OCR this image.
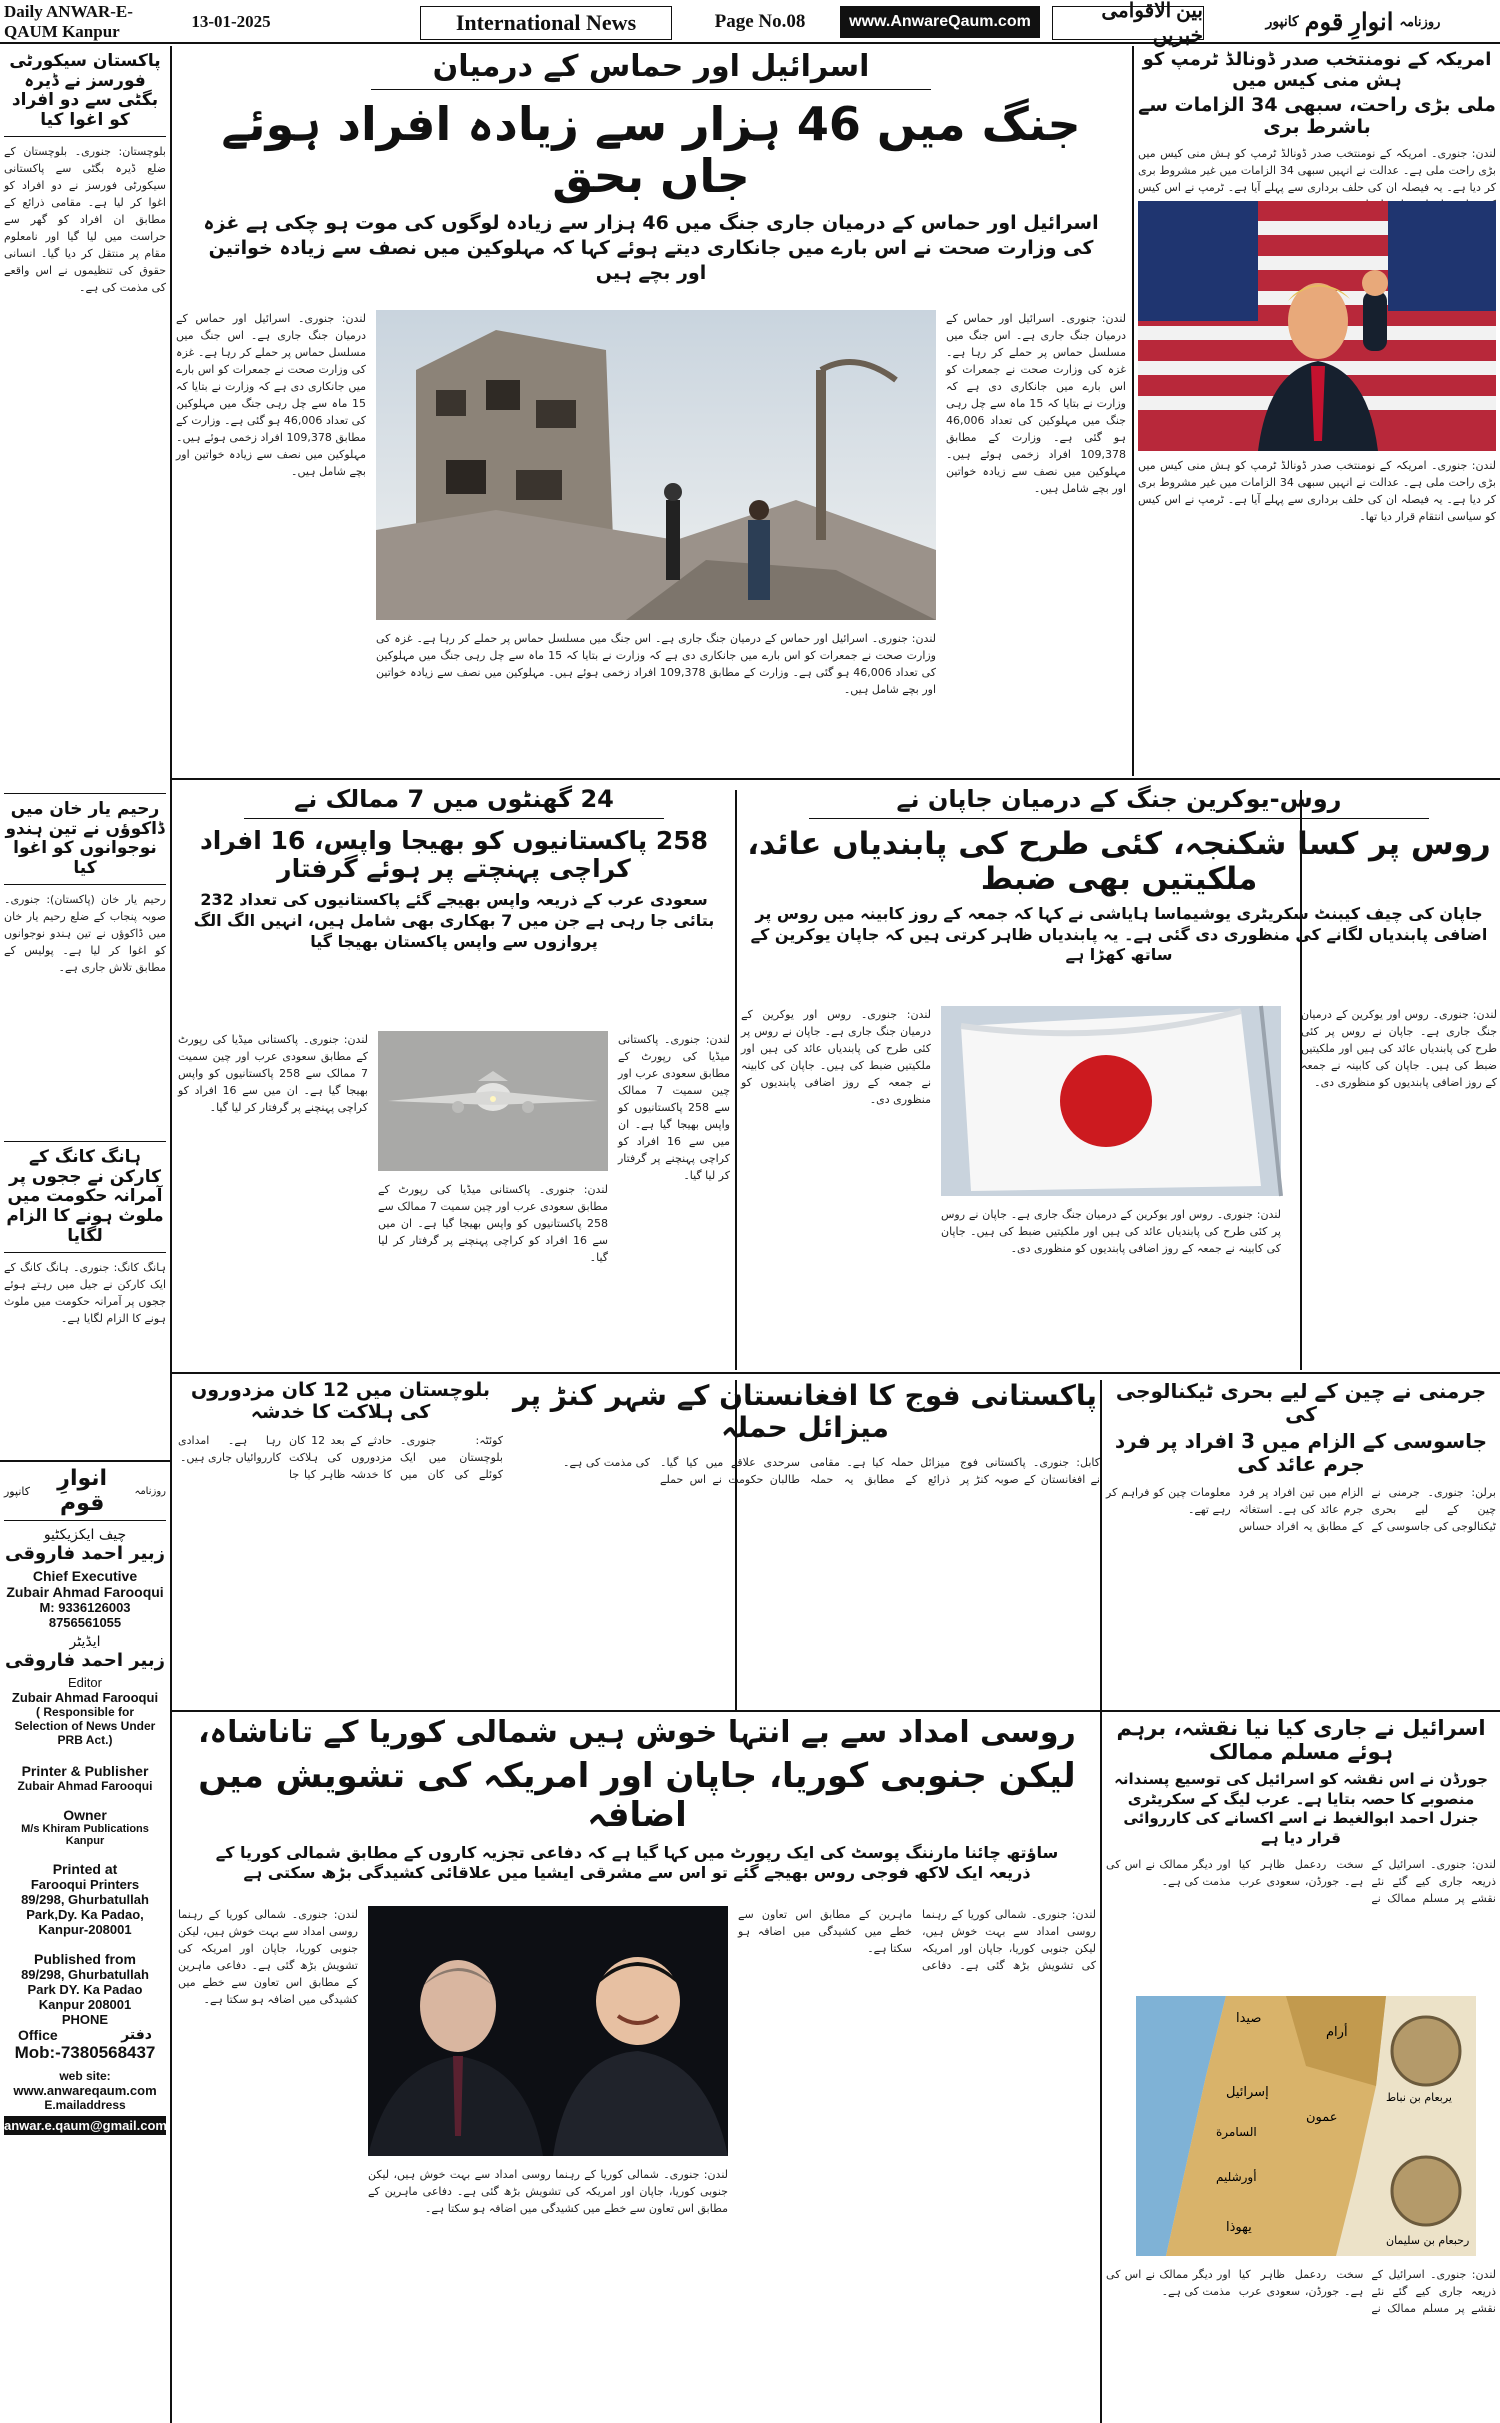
Daily ANWAR-E-QAUM Kanpur
13-01-2025	International News	Page No.08	www.AnwareQaum.com	بین الاقوامی خبریں
روزنامہ
انوارِ قوم
کانپور
پاکستان سیکورٹی فورسز نے ڈیرہ بگٹی سے دو افراد کو اغوا کیا
بلوچستان: جنوری۔ بلوچستان کے ضلع ڈیرہ بگٹی سے پاکستانی سیکورٹی فورسز نے دو افراد کو اغوا کر لیا ہے۔ مقامی ذرائع کے مطابق ان افراد کو گھر سے حراست میں لیا گیا اور نامعلوم مقام پر منتقل کر دیا گیا۔ انسانی حقوق کی تنظیموں نے اس واقعے کی مذمت کی ہے۔
رحیم یار خان میں ڈاکوؤں نے تین ہندو نوجوانوں کو اغوا کیا
رحیم یار خان (پاکستان): جنوری۔ صوبہ پنجاب کے ضلع رحیم یار خان میں ڈاکوؤں نے تین ہندو نوجوانوں کو اغوا کر لیا ہے۔ پولیس کے مطابق تلاش جاری ہے۔
ہانگ کانگ کے کارکن نے ججوں پر آمرانہ حکومت میں ملوث ہونے کا الزام لگایا
ہانگ کانگ: جنوری۔ ہانگ کانگ کے ایک کارکن نے جیل میں رہتے ہوئے ججوں پر آمرانہ حکومت میں ملوث ہونے کا الزام لگایا ہے۔
روزنامہ
انوارِ قوم
کانپور
چیف ایکزیکٹیو
زبیر احمد فاروقی
Chief Executive
Zubair Ahmad Farooqui
M: 9336126003
8756561055
ایڈیٹر
زبیر احمد فاروقی
Editor
Zubair Ahmad Farooqui
( Responsible for Selection of News Under PRB Act.)
Printer & Publisher
Zubair Ahmad Farooqui
Owner
M/s Khiram Publications Kanpur
Printed at
Farooqui Printers 89/298, Ghurbatullah Park,Dy. Ka Padao, Kanpur-208001
Published from
89/298, Ghurbatullah Park DY. Ka Padao Kanpur 208001
PHONE
Office	دفتر
Mob:-7380568437
web site:
www.anwareqaum.com
E.mailaddress
anwar.e.qaum@gmail.com
اسرائیل اور حماس کے درمیان
جنگ میں 46 ہزار سے زیادہ افراد ہوئے جاں بحق
اسرائیل اور حماس کے درمیان جاری جنگ میں 46 ہزار سے زیادہ لوگوں کی موت ہو چکی ہے غزہ کی وزارت صحت نے اس بارے میں جانکاری دیتے ہوئے کہا کہ مہلوکین میں نصف سے زیادہ خواتین اور بچے ہیں
لندن: جنوری۔ اسرائیل اور حماس کے درمیان جنگ جاری ہے۔ اس جنگ میں مسلسل حماس پر حملے کر رہا ہے۔ غزہ کی وزارت صحت نے جمعرات کو اس بارے میں جانکاری دی ہے کہ وزارت نے بتایا کہ 15 ماہ سے چل رہی جنگ میں مہلوکین کی تعداد 46,006 ہو گئی ہے۔ وزارت کے مطابق 109,378 افراد زخمی ہوئے ہیں۔ مہلوکین میں نصف سے زیادہ خواتین اور بچے شامل ہیں۔
لندن: جنوری۔ اسرائیل اور حماس کے درمیان جنگ جاری ہے۔ اس جنگ میں مسلسل حماس پر حملے کر رہا ہے۔ غزہ کی وزارت صحت نے جمعرات کو اس بارے میں جانکاری دی ہے کہ وزارت نے بتایا کہ 15 ماہ سے چل رہی جنگ میں مہلوکین کی تعداد 46,006 ہو گئی ہے۔ وزارت کے مطابق 109,378 افراد زخمی ہوئے ہیں۔ مہلوکین میں نصف سے زیادہ خواتین اور بچے شامل ہیں۔
لندن: جنوری۔ اسرائیل اور حماس کے درمیان جنگ جاری ہے۔ اس جنگ میں مسلسل حماس پر حملے کر رہا ہے۔ غزہ کی وزارت صحت نے جمعرات کو اس بارے میں جانکاری دی ہے کہ وزارت نے بتایا کہ 15 ماہ سے چل رہی جنگ میں مہلوکین کی تعداد 46,006 ہو گئی ہے۔ وزارت کے مطابق 109,378 افراد زخمی ہوئے ہیں۔ مہلوکین میں نصف سے زیادہ خواتین اور بچے شامل ہیں۔
امریکہ کے نومنتخب صدر ڈونالڈ ٹرمپ کو ہش منی کیس میں
ملی بڑی راحت، سبھی 34 الزامات سے باشرط بری
لندن: جنوری۔ امریکہ کے نومنتخب صدر ڈونالڈ ٹرمپ کو ہش منی کیس میں بڑی راحت ملی ہے۔ عدالت نے انہیں سبھی 34 الزامات میں غیر مشروط بری کر دیا ہے۔ یہ فیصلہ ان کی حلف برداری سے پہلے آیا ہے۔ ٹرمپ نے اس کیس
لندن: جنوری۔ امریکہ کے نومنتخب صدر ڈونالڈ ٹرمپ کو ہش منی کیس میں بڑی راحت ملی ہے۔ عدالت نے انہیں سبھی 34 الزامات میں غیر مشروط بری کر دیا ہے۔ یہ فیصلہ ان کی حلف برداری سے پہلے آیا ہے۔ ٹرمپ نے اس کیس کو سیاسی انتقام قرار دیا تھا۔
روس-یوکرین جنگ کے درمیان جاپان نے
روس پر کسا شکنجہ، کئی طرح کی پابندیاں عائد، ملکیتیں بھی ضبط
جاپان کی چیف کیبنٹ سکریٹری یوشیماسا ہایاشی نے کہا کہ جمعہ کے روز کابینہ میں روس پر اضافی پابندیاں لگانے کی منظوری دی گئی ہے۔ یہ پابندیاں ظاہر کرتی ہیں کہ جاپان یوکرین کے ساتھ کھڑا ہے
لندن: جنوری۔ روس اور یوکرین کے درمیان جنگ جاری ہے۔ جاپان نے روس پر کئی طرح کی پابندیاں عائد کی ہیں اور ملکیتیں ضبط کی ہیں۔ جاپان کی کابینہ نے جمعہ کے روز اضافی پابندیوں کو منظوری دی۔
لندن: جنوری۔ روس اور یوکرین کے درمیان جنگ جاری ہے۔ جاپان نے روس پر کئی طرح کی پابندیاں عائد کی ہیں اور ملکیتیں ضبط کی ہیں۔ جاپان کی کابینہ نے جمعہ کے روز اضافی پابندیوں کو منظوری دی۔
لندن: جنوری۔ روس اور یوکرین کے درمیان جنگ جاری ہے۔ جاپان نے روس پر کئی طرح کی پابندیاں عائد کی ہیں اور ملکیتیں ضبط کی ہیں۔ جاپان کی کابینہ نے جمعہ کے روز اضافی پابندیوں کو منظوری دی۔
24 گھنٹوں میں 7 ممالک نے
258 پاکستانیوں کو بھیجا واپس، 16 افراد کراچی پہنچتے پر ہوئے گرفتار
سعودی عرب کے ذریعہ واپس بھیجے گئے پاکستانیوں کی تعداد 232 بتائی جا رہی ہے جن میں 7 بھکاری بھی شامل ہیں، انہیں الگ الگ پروازوں سے واپس پاکستان بھیجا گیا
لندن: جنوری۔ پاکستانی میڈیا کی رپورٹ کے مطابق سعودی عرب اور چین سمیت 7 ممالک سے 258 پاکستانیوں کو واپس بھیجا گیا ہے۔ ان میں سے 16 افراد کو کراچی پہنچنے پر گرفتار کر لیا گیا۔
لندن: جنوری۔ پاکستانی میڈیا کی رپورٹ کے مطابق سعودی عرب اور چین سمیت 7 ممالک سے 258 پاکستانیوں کو واپس بھیجا گیا ہے۔ ان میں سے 16 افراد کو کراچی پہنچنے پر گرفتار کر لیا گیا۔
لندن: جنوری۔ پاکستانی میڈیا کی رپورٹ کے مطابق سعودی عرب اور چین سمیت 7 ممالک سے 258 پاکستانیوں کو واپس بھیجا گیا ہے۔ ان میں سے 16 افراد کو کراچی پہنچنے پر گرفتار کر لیا گیا۔
پاکستانی فوج کا افغانستان کے شہر کنڑ پر میزائل حملہ
کابل: جنوری۔ پاکستانی فوج نے افغانستان کے صوبہ کنڑ پر میزائل حملہ کیا ہے۔ مقامی ذرائع کے مطابق یہ حملہ سرحدی علاقے میں کیا گیا۔ طالبان حکومت نے اس حملے کی مذمت کی ہے۔
بلوچستان میں 12 کان مزدوروں کی ہلاکت کا خدشہ
کوئٹہ: جنوری۔ بلوچستان میں ایک کوئلے کی کان میں حادثے کے بعد 12 کان مزدوروں کی ہلاکت کا خدشہ ظاہر کیا جا رہا ہے۔ امدادی کارروائیاں جاری ہیں۔
جرمنی نے چین کے لیے بحری ٹیکنالوجی کی
جاسوسی کے الزام میں 3 افراد پر فرد جرم عائد کی
برلن: جنوری۔ جرمنی نے چین کے لیے بحری ٹیکنالوجی کی جاسوسی کے الزام میں تین افراد پر فرد جرم عائد کی ہے۔ استغاثہ کے مطابق یہ افراد حساس معلومات چین کو فراہم کر رہے تھے۔
روسی امداد سے بے انتہا خوش ہیں شمالی کوریا کے تاناشاہ،
لیکن جنوبی کوریا، جاپان اور امریکہ کی تشویش میں اضافہ
ساؤتھ چائنا مارننگ پوسٹ کی ایک رپورٹ میں کہا گیا ہے کہ دفاعی تجزیہ کاروں کے مطابق شمالی کوریا کے ذریعہ ایک لاکھ فوجی روس بھیجے گئے تو اس سے مشرقی ایشیا میں علاقائی کشیدگی بڑھ سکتی ہے
لندن: جنوری۔ شمالی کوریا کے رہنما روسی امداد سے بہت خوش ہیں، لیکن جنوبی کوریا، جاپان اور امریکہ کی تشویش بڑھ گئی ہے۔ دفاعی ماہرین کے مطابق اس تعاون سے خطے میں کشیدگی میں اضافہ ہو سکتا ہے۔
لندن: جنوری۔ شمالی کوریا کے رہنما روسی امداد سے بہت خوش ہیں، لیکن جنوبی کوریا، جاپان اور امریکہ کی تشویش بڑھ گئی ہے۔ دفاعی ماہرین کے مطابق اس تعاون سے خطے میں کشیدگی میں اضافہ ہو سکتا ہے۔
لندن: جنوری۔ شمالی کوریا کے رہنما روسی امداد سے بہت خوش ہیں، لیکن جنوبی کوریا، جاپان اور امریکہ کی تشویش بڑھ گئی ہے۔ دفاعی ماہرین کے مطابق اس تعاون سے خطے میں کشیدگی میں اضافہ ہو سکتا ہے۔
اسرائیل نے جاری کیا نیا نقشہ، برہم ہوئے مسلم ممالک
جورڈن نے اس نقشہ کو اسرائیل کی توسیع پسندانہ منصوبے کا حصہ بتایا ہے۔ عرب لیگ کے سکریٹری جنرل احمد ابوالغیط نے اسے اکسانے کی کارروائی قرار دیا ہے
لندن: جنوری۔ اسرائیل کے ذریعہ جاری کیے گئے نئے نقشے پر مسلم ممالک نے سخت ردعمل ظاہر کیا ہے۔ جورڈن، سعودی عرب اور دیگر ممالک نے اس کی مذمت کی ہے۔
صيدا
أرام
إسرائيل
عمون
السامرة
أورشليم
يهوذا
يربعام بن نباط
رحبعام بن سليمان
لندن: جنوری۔ اسرائیل کے ذریعہ جاری کیے گئے نئے نقشے پر مسلم ممالک نے سخت ردعمل ظاہر کیا ہے۔ جورڈن، سعودی عرب اور دیگر ممالک نے اس کی مذمت کی ہے۔
